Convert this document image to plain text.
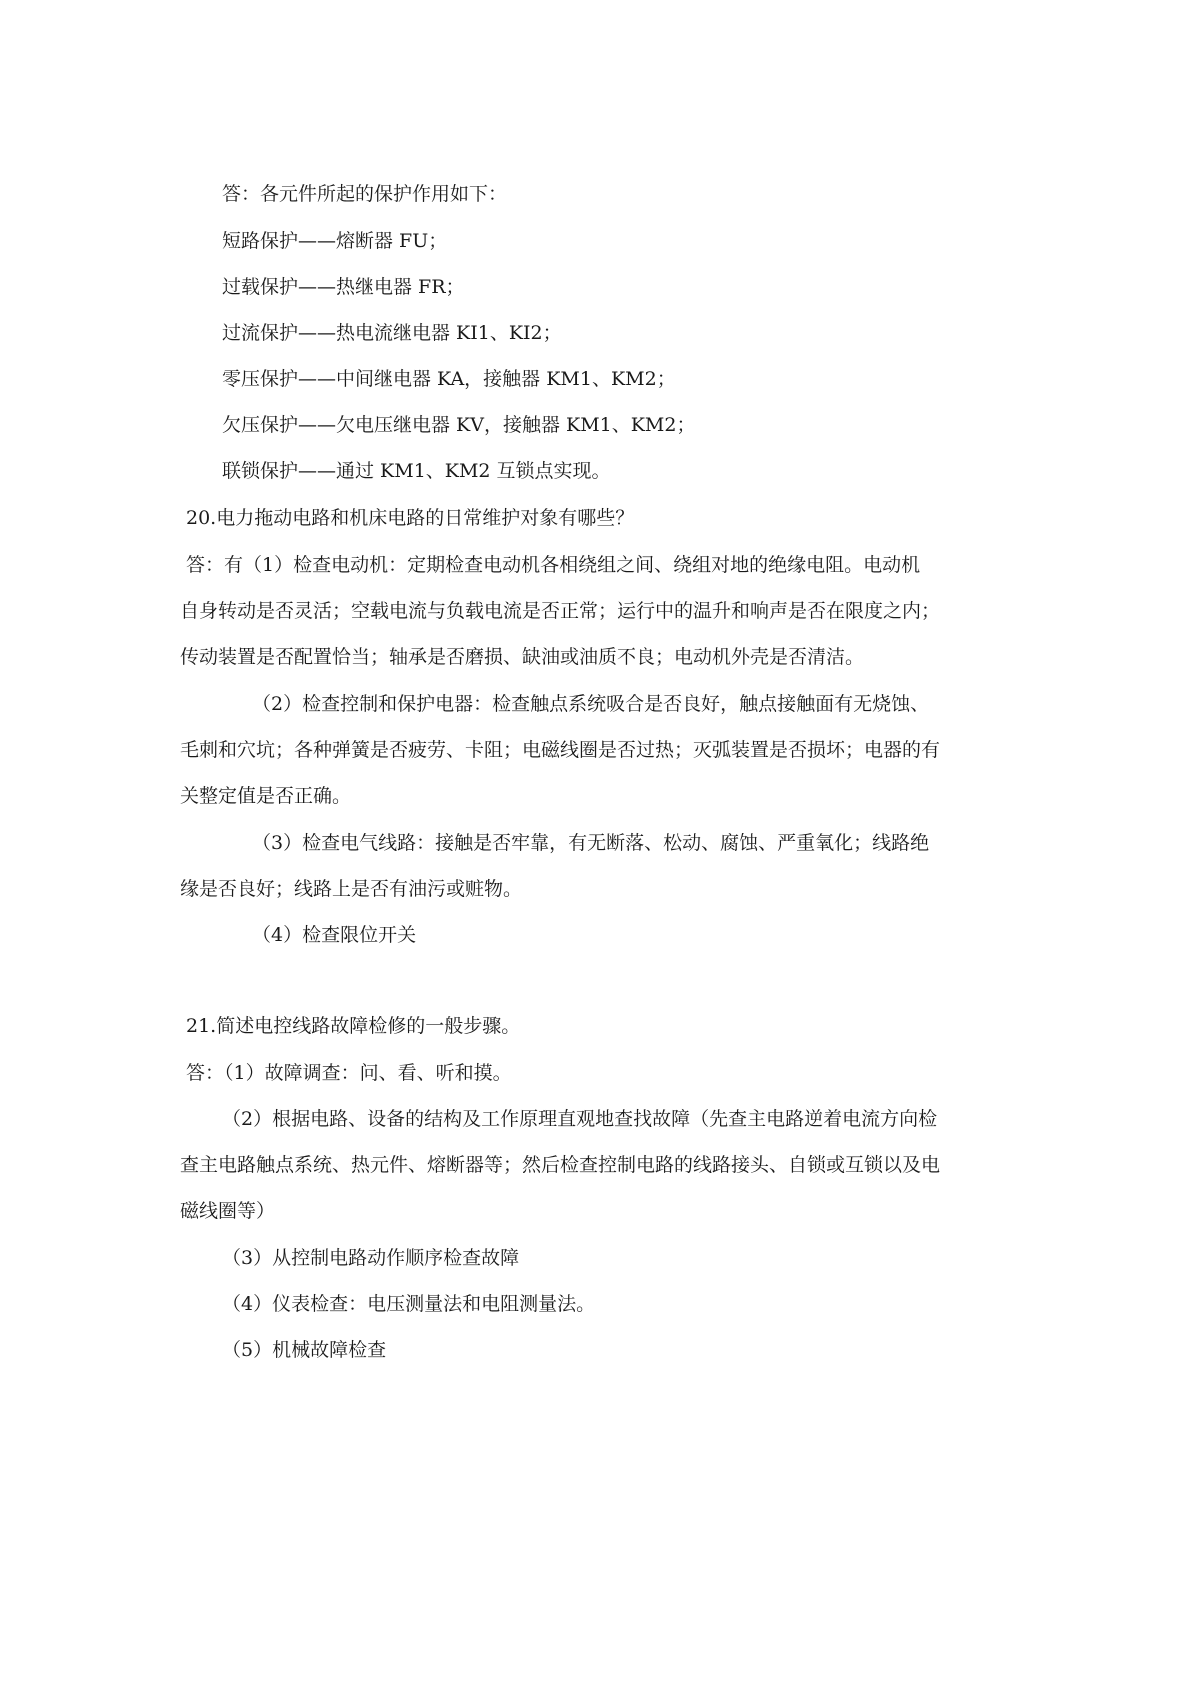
答：各元件所起的保护作用如下：

短路保护——熔断器 FU；

过载保护——热继电器 FR；

过流保护——热电流继电器 KI1、KI2；

零压保护——中间继电器 KA，接触器 KM1、KM2；

欠压保护——欠电压继电器 KV，接触器 KM1、KM2；

联锁保护——通过 KM1、KM2 互锁点实现。

20.电力拖动电路和机床电路的日常维护对象有哪些？

答：有（1）检查电动机：定期检查电动机各相绕组之间、绕组对地的绝缘电阻。电动机

自身转动是否灵活；空载电流与负载电流是否正常；运行中的温升和响声是否在限度之内；

传动装置是否配置恰当；轴承是否磨损、缺油或油质不良；电动机外壳是否清洁。

（2）检查控制和保护电器：检查触点系统吸合是否良好，触点接触面有无烧蚀、

毛刺和穴坑；各种弹簧是否疲劳、卡阻；电磁线圈是否过热；灭弧装置是否损坏；电器的有

关整定值是否正确。

（3）检查电气线路：接触是否牢靠，有无断落、松动、腐蚀、严重氧化；线路绝

缘是否良好；线路上是否有油污或赃物。

（4）检查限位开关

21.简述电控线路故障检修的一般步骤。

答：（1）故障调查：问、看、听和摸。

（2）根据电路、设备的结构及工作原理直观地查找故障（先查主电路逆着电流方向检

查主电路触点系统、热元件、熔断器等；然后检查控制电路的线路接头、自锁或互锁以及电

磁线圈等）

（3）从控制电路动作顺序检查故障

（4）仪表检查：电压测量法和电阻测量法。

（5）机械故障检查
